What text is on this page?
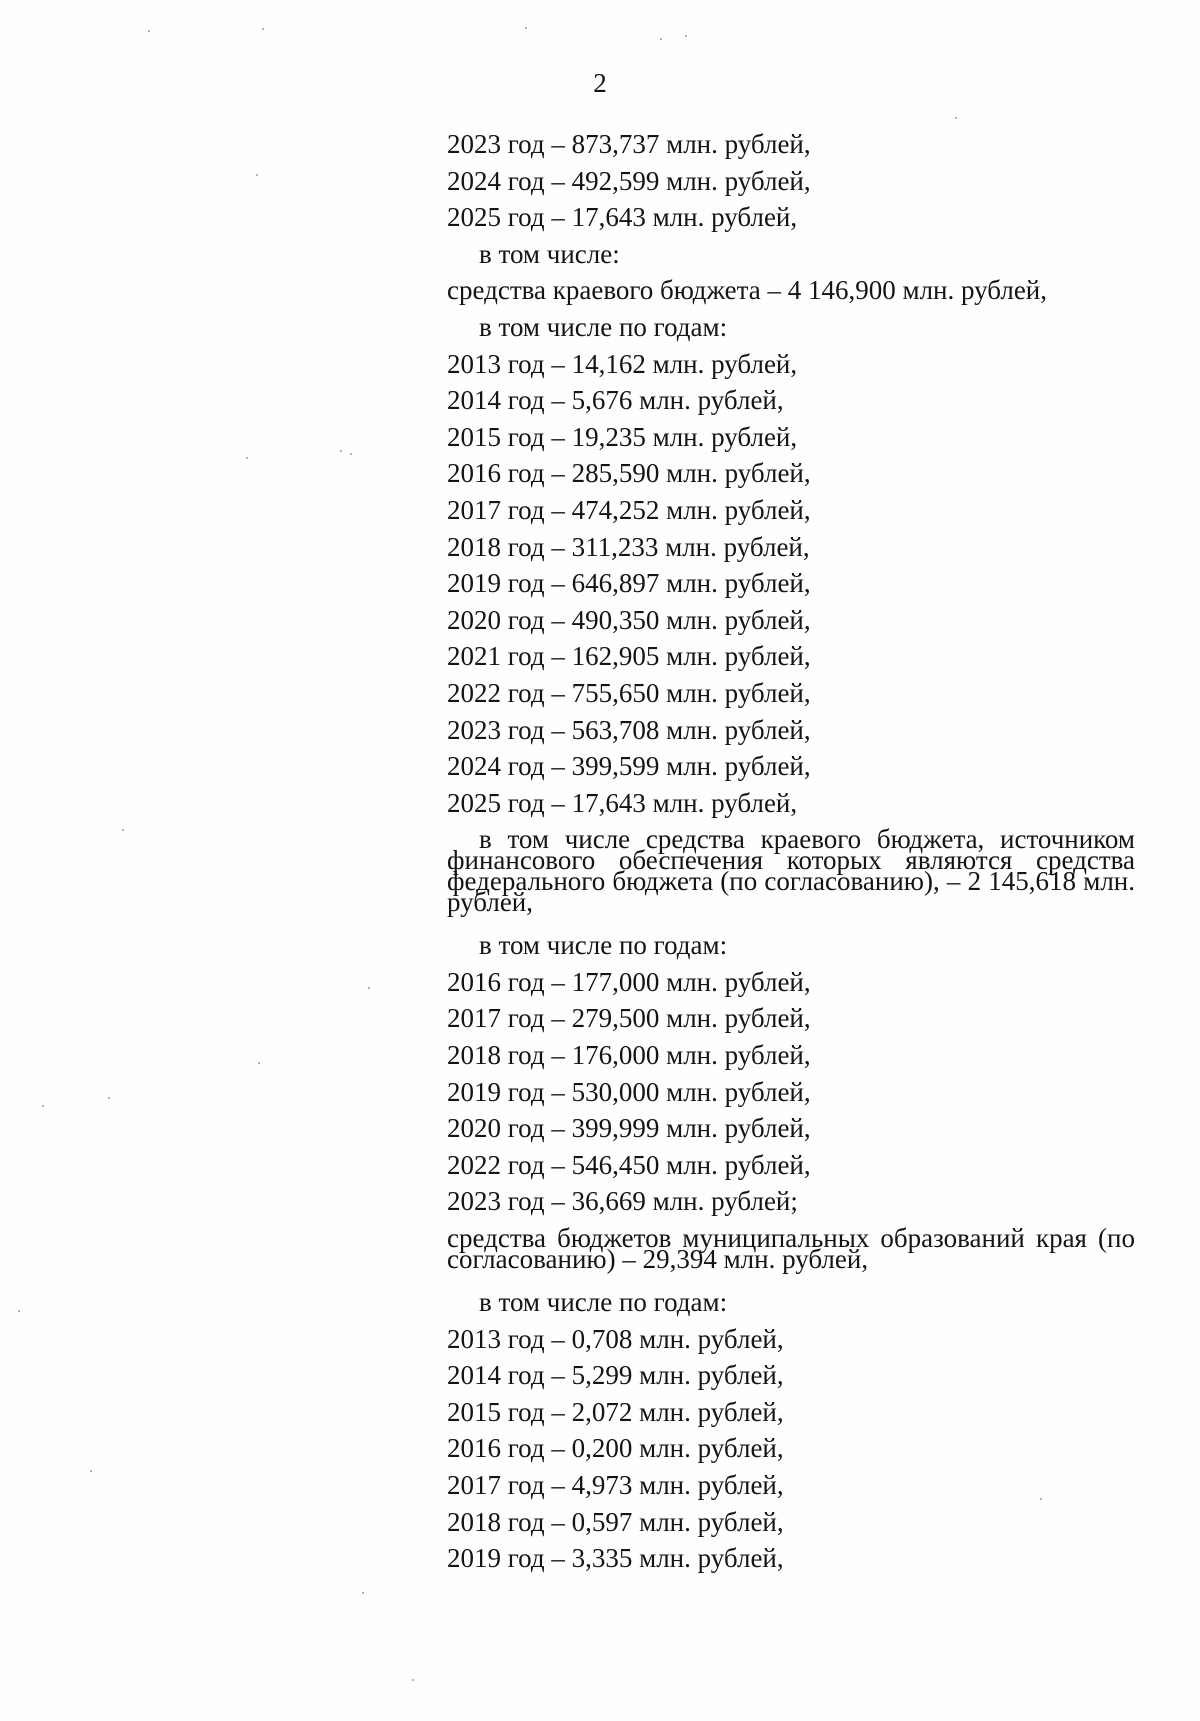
2
2023 год – 873,737 млн. рублей,
2024 год – 492,599 млн. рублей,
2025 год – 17,643 млн. рублей,
в том числе:
средства краевого бюджета – 4 146,900 млн. рублей,
в том числе по годам:
2013 год – 14,162 млн. рублей,
2014 год – 5,676 млн. рублей,
2015 год – 19,235 млн. рублей,
2016 год – 285,590 млн. рублей,
2017 год – 474,252 млн. рублей,
2018 год – 311,233 млн. рублей,
2019 год – 646,897 млн. рублей,
2020 год – 490,350 млн. рублей,
2021 год – 162,905 млн. рублей,
2022 год – 755,650 млн. рублей,
2023 год – 563,708 млн. рублей,
2024 год – 399,599 млн. рублей,
2025 год – 17,643 млн. рублей,
в том числе средства краевого бюджета, источником финансового обеспечения которых являются средства федерального бюджета (по согласованию), – 2 145,618 млн. рублей,
в том числе по годам:
2016 год – 177,000 млн. рублей,
2017 год – 279,500 млн. рублей,
2018 год – 176,000 млн. рублей,
2019 год – 530,000 млн. рублей,
2020 год – 399,999 млн. рублей,
2022 год – 546,450 млн. рублей,
2023 год – 36,669 млн. рублей;
средства бюджетов муниципальных образований края (по согласованию) – 29,394 млн. рублей,
в том числе по годам:
2013 год – 0,708 млн. рублей,
2014 год – 5,299 млн. рублей,
2015 год – 2,072 млн. рублей,
2016 год – 0,200 млн. рублей,
2017 год – 4,973 млн. рублей,
2018 год – 0,597 млн. рублей,
2019 год – 3,335 млн. рублей,
